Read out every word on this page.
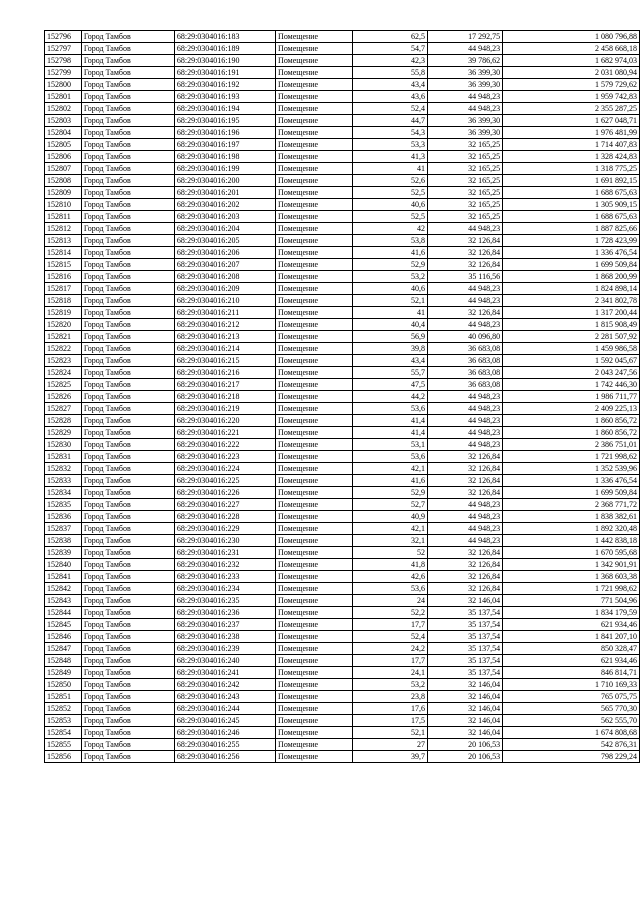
152796	Город Тамбов	68:29:0304016:183	Помещение	62,5	17 292,75	1 080 796,88
152797	Город Тамбов	68:29:0304016:189	Помещение	54,7	44 948,23	2 458 668,18
152798	Город Тамбов	68:29:0304016:190	Помещение	42,3	39 786,62	1 682 974,03
152799	Город Тамбов	68:29:0304016:191	Помещение	55,8	36 399,30	2 031 080,94
152800	Город Тамбов	68:29:0304016:192	Помещение	43,4	36 399,30	1 579 729,62
152801	Город Тамбов	68:29:0304016:193	Помещение	43,6	44 948,23	1 959 742,83
152802	Город Тамбов	68:29:0304016:194	Помещение	52,4	44 948,23	2 355 287,25
152803	Город Тамбов	68:29:0304016:195	Помещение	44,7	36 399,30	1 627 048,71
152804	Город Тамбов	68:29:0304016:196	Помещение	54,3	36 399,30	1 976 481,99
152805	Город Тамбов	68:29:0304016:197	Помещение	53,3	32 165,25	1 714 407,83
152806	Город Тамбов	68:29:0304016:198	Помещение	41,3	32 165,25	1 328 424,83
152807	Город Тамбов	68:29:0304016:199	Помещение	41	32 165,25	1 318 775,25
152808	Город Тамбов	68:29:0304016:200	Помещение	52,6	32 165,25	1 691 892,15
152809	Город Тамбов	68:29:0304016:201	Помещение	52,5	32 165,25	1 688 675,63
152810	Город Тамбов	68:29:0304016:202	Помещение	40,6	32 165,25	1 305 909,15
152811	Город Тамбов	68:29:0304016:203	Помещение	52,5	32 165,25	1 688 675,63
152812	Город Тамбов	68:29:0304016:204	Помещение	42	44 948,23	1 887 825,66
152813	Город Тамбов	68:29:0304016:205	Помещение	53,8	32 126,84	1 728 423,99
152814	Город Тамбов	68:29:0304016:206	Помещение	41,6	32 126,84	1 336 476,54
152815	Город Тамбов	68:29:0304016:207	Помещение	52,9	32 126,84	1 699 509,84
152816	Город Тамбов	68:29:0304016:208	Помещение	53,2	35 116,56	1 868 200,99
152817	Город Тамбов	68:29:0304016:209	Помещение	40,6	44 948,23	1 824 898,14
152818	Город Тамбов	68:29:0304016:210	Помещение	52,1	44 948,23	2 341 802,78
152819	Город Тамбов	68:29:0304016:211	Помещение	41	32 126,84	1 317 200,44
152820	Город Тамбов	68:29:0304016:212	Помещение	40,4	44 948,23	1 815 908,49
152821	Город Тамбов	68:29:0304016:213	Помещение	56,9	40 096,80	2 281 507,92
152822	Город Тамбов	68:29:0304016:214	Помещение	39,8	36 683,08	1 459 986,58
152823	Город Тамбов	68:29:0304016:215	Помещение	43,4	36 683,08	1 592 045,67
152824	Город Тамбов	68:29:0304016:216	Помещение	55,7	36 683,08	2 043 247,56
152825	Город Тамбов	68:29:0304016:217	Помещение	47,5	36 683,08	1 742 446,30
152826	Город Тамбов	68:29:0304016:218	Помещение	44,2	44 948,23	1 986 711,77
152827	Город Тамбов	68:29:0304016:219	Помещение	53,6	44 948,23	2 409 225,13
152828	Город Тамбов	68:29:0304016:220	Помещение	41,4	44 948,23	1 860 856,72
152829	Город Тамбов	68:29:0304016:221	Помещение	41,4	44 948,23	1 860 856,72
152830	Город Тамбов	68:29:0304016:222	Помещение	53,1	44 948,23	2 386 751,01
152831	Город Тамбов	68:29:0304016:223	Помещение	53,6	32 126,84	1 721 998,62
152832	Город Тамбов	68:29:0304016:224	Помещение	42,1	32 126,84	1 352 539,96
152833	Город Тамбов	68:29:0304016:225	Помещение	41,6	32 126,84	1 336 476,54
152834	Город Тамбов	68:29:0304016:226	Помещение	52,9	32 126,84	1 699 509,84
152835	Город Тамбов	68:29:0304016:227	Помещение	52,7	44 948,23	2 368 771,72
152836	Город Тамбов	68:29:0304016:228	Помещение	40,9	44 948,23	1 838 382,61
152837	Город Тамбов	68:29:0304016:229	Помещение	42,1	44 948,23	1 892 320,48
152838	Город Тамбов	68:29:0304016:230	Помещение	32,1	44 948,23	1 442 838,18
152839	Город Тамбов	68:29:0304016:231	Помещение	52	32 126,84	1 670 595,68
152840	Город Тамбов	68:29:0304016:232	Помещение	41,8	32 126,84	1 342 901,91
152841	Город Тамбов	68:29:0304016:233	Помещение	42,6	32 126,84	1 368 603,38
152842	Город Тамбов	68:29:0304016:234	Помещение	53,6	32 126,84	1 721 998,62
152843	Город Тамбов	68:29:0304016:235	Помещение	24	32 146,04	771 504,96
152844	Город Тамбов	68:29:0304016:236	Помещение	52,2	35 137,54	1 834 179,59
152845	Город Тамбов	68:29:0304016:237	Помещение	17,7	35 137,54	621 934,46
152846	Город Тамбов	68:29:0304016:238	Помещение	52,4	35 137,54	1 841 207,10
152847	Город Тамбов	68:29:0304016:239	Помещение	24,2	35 137,54	850 328,47
152848	Город Тамбов	68:29:0304016:240	Помещение	17,7	35 137,54	621 934,46
152849	Город Тамбов	68:29:0304016:241	Помещение	24,1	35 137,54	846 814,71
152850	Город Тамбов	68:29:0304016:242	Помещение	53,2	32 146,04	1 710 169,33
152851	Город Тамбов	68:29:0304016:243	Помещение	23,8	32 146,04	765 075,75
152852	Город Тамбов	68:29:0304016:244	Помещение	17,6	32 146,04	565 770,30
152853	Город Тамбов	68:29:0304016:245	Помещение	17,5	32 146,04	562 555,70
152854	Город Тамбов	68:29:0304016:246	Помещение	52,1	32 146,04	1 674 808,68
152855	Город Тамбов	68:29:0304016:255	Помещение	27	20 106,53	542 876,31
152856	Город Тамбов	68:29:0304016:256	Помещение	39,7	20 106,53	798 229,24
